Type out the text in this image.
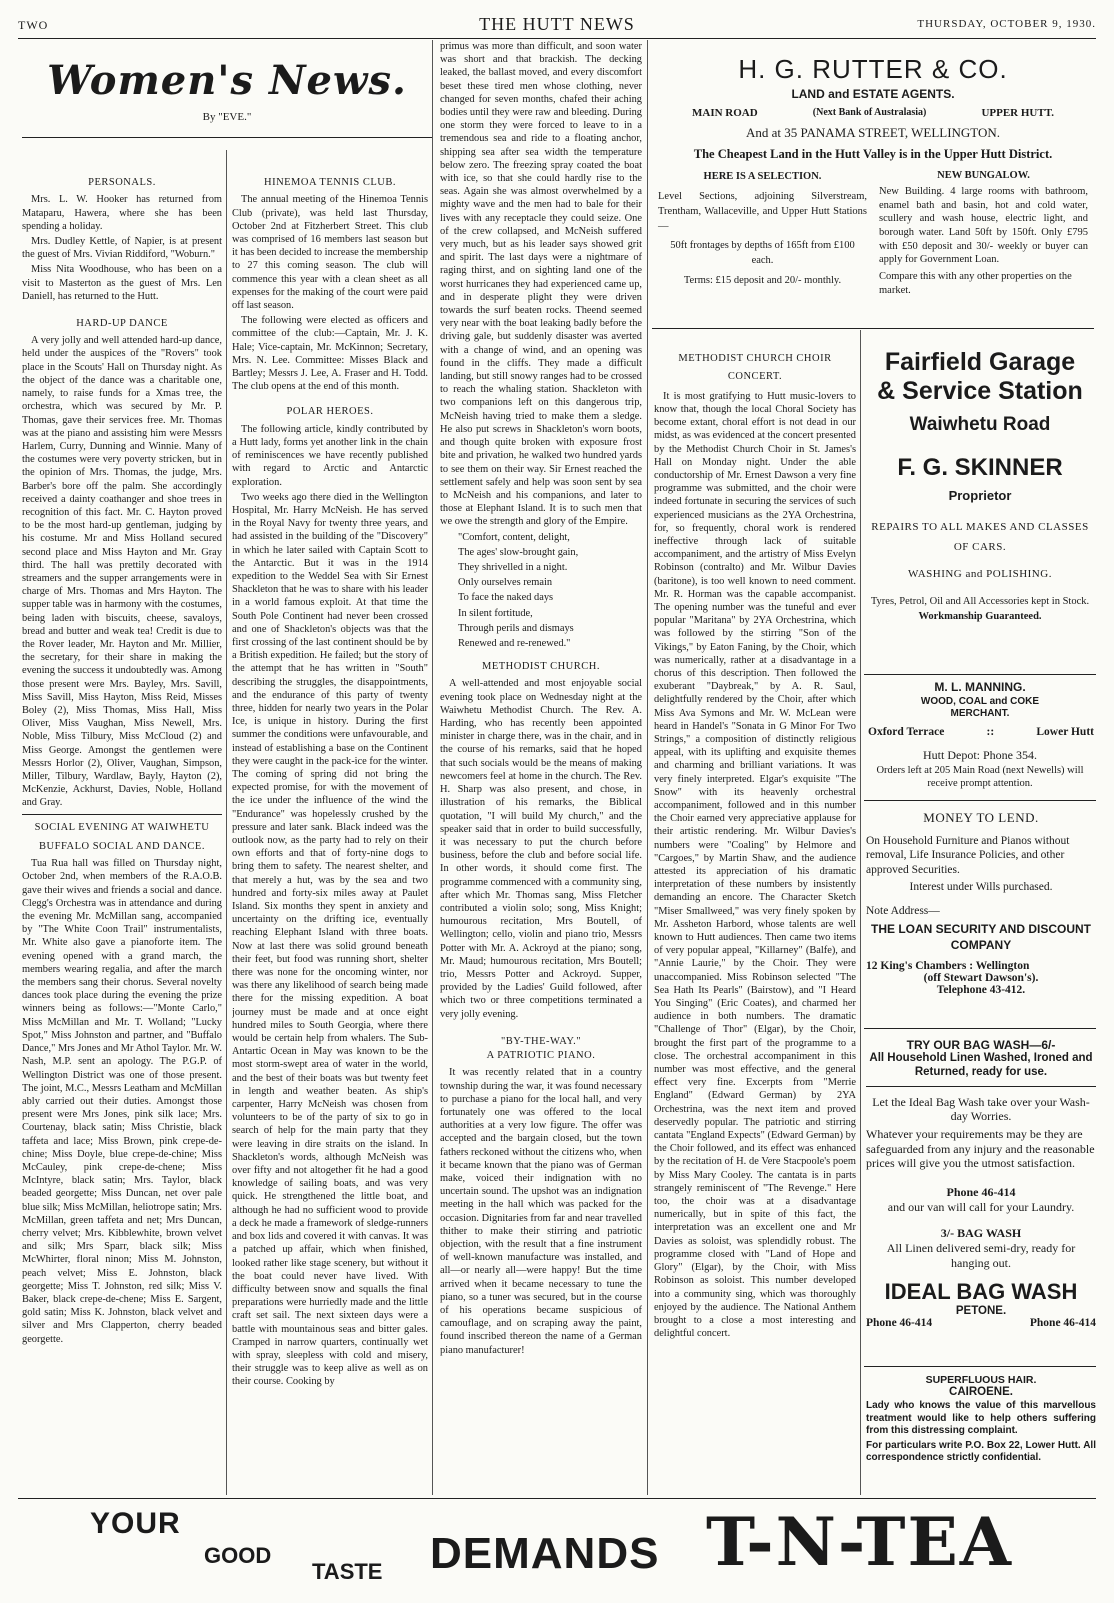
TWO	THE HUTT NEWS	THURSDAY, OCTOBER 9, 1930.
Women's News.
By "EVE."
PERSONALS.

Mrs. L. W. Hooker has returned from Mataparu, Hawera, where she has been spending a holiday.

Mrs. Dudley Kettle, of Napier, is at present the guest of Mrs. Vivian Riddiford, "Woburn."

Miss Nita Woodhouse, who has been on a visit to Masterton as the guest of Mrs. Len Daniell, has returned to the Hutt.

HARD-UP DANCE

A very jolly and well attended hard-up dance, held under the auspices of the "Rovers" took place in the Scouts' Hall on Thursday night. As the object of the dance was a charitable one, namely, to raise funds for a Xmas tree, the orchestra, which was secured by Mr. P. Thomas, gave their services free. Mr. Thomas was at the piano and assisting him were Messrs Harlem, Curry, Dunning and Winnie. Many of the costumes were very poverty stricken, but in the opinion of Mrs. Thomas, the judge, Mrs. Barber's bore off the palm. She accordingly received a dainty coathanger and shoe trees in recognition of this fact. Mr. C. Hayton proved to be the most hard-up gentleman, judging by his costume. Mr and Miss Holland secured second place and Miss Hayton and Mr. Gray third. The hall was prettily decorated with streamers and the supper arrangements were in charge of Mrs. Thomas and Mrs Hayton. The supper table was in harmony with the costumes, being laden with biscuits, cheese, savaloys, bread and butter and weak tea! Credit is due to the Rover leader, Mr. Hayton and Mr. Millier, the secretary, for their share in making the evening the success it undoubtedly was. Among those present were Mrs. Bayley, Mrs. Savill, Miss Savill, Miss Hayton, Miss Reid, Misses Boley (2), Miss Thomas, Miss Hall, Miss Oliver, Miss Vaughan, Miss Newell, Mrs. Noble, Miss Tilbury, Miss McCloud (2) and Miss George. Amongst the gentlemen were Messrs Horlor (2), Oliver, Vaughan, Simpson, Miller, Tilbury, Wardlaw, Bayly, Hayton (2), McKenzie, Ackhurst, Davies, Noble, Holland and Gray.

SOCIAL EVENING AT WAIWHETU
BUFFALO SOCIAL AND DANCE.

Tua Rua hall was filled on Thursday night, October 2nd, when members of the R.A.O.B. gave their wives and friends a social and dance. Clegg's Orchestra was in attendance and during the evening Mr. McMillan sang, accompanied by "The White Coon Trail" instrumentalists, Mr. White also gave a pianoforte item. The evening opened with a grand march, the members wearing regalia, and after the march the members sang their chorus. Several novelty dances took place during the evening the prize winners being as follows:—"Monte Carlo," Miss McMillan and Mr. T. Wolland; "Lucky Spot," Miss Johnston and partner, and "Buffalo Dance," Mrs Jones and Mr Athol Taylor. Mr. W. Nash, M.P. sent an apology. The P.G.P. of Wellington District was one of those present. The joint, M.C., Messrs Leatham and McMillan ably carried out their duties. Amongst those present were Mrs Jones, pink silk lace; Mrs. Courtenay, black satin; Miss Christie, black taffeta and lace; Miss Brown, pink crepe-de-chine; Miss Doyle, blue crepe-de-chine; Miss McCauley, pink crepe-de-chene; Miss McIntyre, black satin; Mrs. Taylor, black beaded georgette; Miss Duncan, net over pale blue silk; Miss McMillan, heliotrope satin; Mrs. McMillan, green taffeta and net; Mrs Duncan, cherry velvet; Mrs. Kibblewhite, brown velvet and silk; Mrs Sparr, black silk; Miss McWhirter, floral ninon; Miss M. Johnston, peach velvet; Miss E. Johnston, black georgette; Miss T. Johnston, red silk; Miss V. Baker, black crepe-de-chene; Miss E. Sargent, gold satin; Miss K. Johnston, black velvet and silver and Mrs Clapperton, cherry beaded georgette.

HINEMOA TENNIS CLUB.

The annual meeting of the Hinemoa Tennis Club (private), was held last Thursday, October 2nd at Fitzherbert Street. This club was comprised of 16 members last season but it has been decided to increase the membership to 27 this coming season. The club will commence this year with a clean sheet as all expenses for the making of the court were paid off last season.

The following were elected as officers and committee of the club:—Captain, Mr. J. K. Hale; Vice-captain, Mr. McKinnon; Secretary, Mrs. N. Lee. Committee: Misses Black and Bartley; Messrs J. Lee, A. Fraser and H. Todd. The club opens at the end of this month.

POLAR HEROES.

The following article, kindly contributed by a Hutt lady, forms yet another link in the chain of reminiscences we have recently published with regard to Arctic and Antarctic exploration.

Two weeks ago there died in the Wellington Hospital, Mr. Harry McNeish. He has served in the Royal Navy for twenty three years, and had assisted in the building of the "Discovery" in which he later sailed with Captain Scott to the Antarctic. But it was in the 1914 expedition to the Weddel Sea with Sir Ernest Shackleton that he was to share with his leader in a world famous exploit. At that time the South Pole Continent had never been crossed and one of Shackleton's objects was that the first crossing of the last continent should be by a British expedition. He failed; but the story of the attempt that he has written in "South" describing the struggles, the disappointments, and the endurance of this party of twenty three, hidden for nearly two years in the Polar Ice, is unique in history. During the first summer the conditions were unfavourable, and instead of establishing a base on the Continent they were caught in the pack-ice for the winter. The coming of spring did not bring the expected promise, for with the movement of the ice under the influence of the wind the "Endurance" was hopelessly crushed by the pressure and later sank. Black indeed was the outlook now, as the party had to rely on their own efforts and that of forty-nine dogs to bring them to safety. The nearest shelter, and that merely a hut, was by the sea and two hundred and forty-six miles away at Paulet Island. Six months they spent in anxiety and uncertainty on the drifting ice, eventually reaching Elephant Island with three boats. Now at last there was solid ground beneath their feet, but food was running short, shelter there was none for the oncoming winter, nor was there any likelihood of search being made there for the missing expedition. A boat journey must be made and at once eight hundred miles to South Georgia, where there would be certain help from whalers. The Sub-Antartic Ocean in May was known to be the most storm-swept area of water in the world, and the best of their boats was but twenty feet in length and weather beaten. As ship's carpenter, Harry McNeish was chosen from volunteers to be of the party of six to go in search of help for the main party that they were leaving in dire straits on the island. In Shackleton's words, although McNeish was over fifty and not altogether fit he had a good knowledge of sailing boats, and was very quick. He strengthened the little boat, and although he had no sufficient wood to provide a deck he made a framework of sledge-runners and box lids and covered it with canvas. It was a patched up affair, which when finished, looked rather like stage scenery, but without it the boat could never have lived. With difficulty between snow and squalls the final preparations were hurriedly made and the little craft set sail. The next sixteen days were a battle with mountainous seas and bitter gales. Cramped in narrow quarters, continually wet with spray, sleepless with cold and misery, their struggle was to keep alive as well as on their course. Cooking by

primus was more than difficult, and soon water was short and that brackish. The decking leaked, the ballast moved, and every discomfort beset these tired men whose clothing, never changed for seven months, chafed their aching bodies until they were raw and bleeding. During one storm they were forced to leave to in a tremendous sea and ride to a floating anchor, shipping sea after sea width the temperature below zero. The freezing spray coated the boat with ice, so that she could hardly rise to the seas. Again she was almost overwhelmed by a mighty wave and the men had to bale for their lives with any receptacle they could seize. One of the crew collapsed, and McNeish suffered very much, but as his leader says showed grit and spirit. The last days were a nightmare of raging thirst, and on sighting land one of the worst hurricanes they had experienced came up, and in desperate plight they were driven towards the surf beaten rocks. Theend seemed very near with the boat leaking badly before the driving gale, but suddenly disaster was averted with a change of wind, and an opening was found in the cliffs. They made a difficult landing, but still snowy ranges had to be crossed to reach the whaling station. Shackleton with two companions left on this dangerous trip, McNeish having tried to make them a sledge. He also put screws in Shackleton's worn boots, and though quite broken with exposure frost bite and privation, he walked two hundred yards to see them on their way. Sir Ernest reached the settlement safely and help was soon sent by sea to McNeish and his companions, and later to those at Elephant Island. It is to such men that we owe the strength and glory of the Empire.

"Comfort, content, delight,

The ages' slow-brought gain,

They shrivelled in a night.

Only ourselves remain

To face the naked days

In silent fortitude,

Through perils and dismays

Renewed and re-renewed."

METHODIST CHURCH.

A well-attended and most enjoyable social evening took place on Wednesday night at the Waiwhetu Methodist Church. The Rev. A. Harding, who has recently been appointed minister in charge there, was in the chair, and in the course of his remarks, said that he hoped that such socials would be the means of making newcomers feel at home in the church. The Rev. H. Sharp was also present, and chose, in illustration of his remarks, the Biblical quotation, "I will build My church," and the speaker said that in order to build successfully, it was necessary to put the church before business, before the club and before social life. In other words, it should come first. The programme commenced with a community sing, after which Mr. Thomas sang, Miss Fletcher contributed a violin solo; song, Miss Knight; humourous recitation, Mrs Boutell, of Wellington; cello, violin and piano trio, Messrs Potter with Mr. A. Ackroyd at the piano; song, Mr. Maud; humourous recitation, Mrs Boutell; trio, Messrs Potter and Ackroyd. Supper, provided by the Ladies' Guild followed, after which two or three competitions terminated a very jolly evening.

"BY-THE-WAY."
A PATRIOTIC PIANO.

It was recently related that in a country township during the war, it was found necessary to purchase a piano for the local hall, and very fortunately one was offered to the local authorities at a very low figure. The offer was accepted and the bargain closed, but the town fathers reckoned without the citizens who, when it became known that the piano was of German make, voiced their indignation with no uncertain sound. The upshot was an indignation meeting in the hall which was packed for the occasion. Dignitaries from far and near travelled thither to make their stirring and patriotic objection, with the result that a fine instrument of well-known manufacture was installed, and all—or nearly all—were happy! But the time arrived when it became necessary to tune the piano, so a tuner was secured, but in the course of his operations became suspicious of camouflage, and on scraping away the paint, found inscribed thereon the name of a German piano manufacturer!

H. G. RUTTER & CO.
LAND and ESTATE AGENTS.
MAIN ROAD	(Next Bank of Australasia)	UPPER HUTT.
And at 35 PANAMA STREET, WELLINGTON.
The Cheapest Land in the Hutt Valley is in the Upper Hutt District.
HERE IS A SELECTION.
Level Sections, adjoining Silverstream, Trentham, Wallaceville, and Upper Hutt Stations—
50ft frontages by depths of 165ft from £100 each.
Terms: £15 deposit and 20/- monthly.
NEW BUNGALOW.
New Building. 4 large rooms with bathroom, enamel bath and basin, hot and cold water, scullery and wash house, electric light, and borough water. Land 50ft by 150ft. Only £795 with £50 deposit and 30/- weekly or buyer can apply for Government Loan.
Compare this with any other properties on the market.
METHODIST CHURCH CHOIR CONCERT.

It is most gratifying to Hutt music-lovers to know that, though the local Choral Society has become extant, choral effort is not dead in our midst, as was evidenced at the concert presented by the Methodist Church Choir in St. James's Hall on Monday night. Under the able conductorship of Mr. Ernest Dawson a very fine programme was submitted, and the choir were indeed fortunate in securing the services of such experienced musicians as the 2YA Orchestrina, for, so frequently, choral work is rendered ineffective through lack of suitable accompaniment, and the artistry of Miss Evelyn Robinson (contralto) and Mr. Wilbur Davies (baritone), is too well known to need comment. Mr. R. Horman was the capable accompanist. The opening number was the tuneful and ever popular "Maritana" by 2YA Orchestrina, which was followed by the stirring "Son of the Vikings," by Eaton Faning, by the Choir, which was numerically, rather at a disadvantage in a chorus of this description. Then followed the exuberant "Daybreak," by A. R. Saul, delightfully rendered by the Choir, after which Miss Ava Symons and Mr. W. McLean were heard in Handel's "Sonata in G Minor For Two Strings," a composition of distinctly religious appeal, with its uplifting and exquisite themes and charming and brilliant variations. It was very finely interpreted. Elgar's exquisite "The Snow" with its heavenly orchestral accompaniment, followed and in this number the Choir earned very appreciative applause for their artistic rendering. Mr. Wilbur Davies's numbers were "Coaling" by Helmore and "Cargoes," by Martin Shaw, and the audience attested its appreciation of his dramatic interpretation of these numbers by insistently demanding an encore. The Character Sketch "Miser Smallweed," was very finely spoken by Mr. Assheton Harbord, whose talents are well known to Hutt audiences. Then came two items of very popular appeal, "Killarney" (Balfe), and "Annie Laurie," by the Choir. They were unaccompanied. Miss Robinson selected "The Sea Hath Its Pearls" (Bairstow), and "I Heard You Singing" (Eric Coates), and charmed her audience in both numbers. The dramatic "Challenge of Thor" (Elgar), by the Choir, brought the first part of the programme to a close. The orchestral accompaniment in this number was most effective, and the general effect very fine. Excerpts from "Merrie England" (Edward German) by 2YA Orchestrina, was the next item and proved deservedly popular. The patriotic and stirring cantata "England Expects" (Edward German) by the Choir followed, and its effect was enhanced by the recitation of H. de Vere Stacpoole's poem by Miss Mary Cooley. The cantata is in parts strangely reminiscent of "The Revenge." Here too, the choir was at a disadvantage numerically, but in spite of this fact, the interpretation was an excellent one and Mr Davies as soloist, was splendidly robust. The programme closed with "Land of Hope and Glory" (Elgar), by the Choir, with Miss Robinson as soloist. This number developed into a community sing, which was thoroughly enjoyed by the audience. The National Anthem brought to a close a most interesting and delightful concert.

Fairfield Garage
& Service Station
Waiwhetu Road
F. G. SKINNER
Proprietor
REPAIRS TO ALL MAKES AND CLASSES OF CARS.
WASHING and POLISHING.
Tyres, Petrol, Oil and All Accessories kept in Stock.
Workmanship Guaranteed.
M. L. MANNING.
WOOD, COAL and COKE MERCHANT.
Oxford Terrace	::	Lower Hutt
Hutt Depot: Phone 354.
Orders left at 205 Main Road (next Newells) will receive prompt attention.
MONEY TO LEND.
On Household Furniture and Pianos without removal, Life Insurance Policies, and other approved Securities.
Interest under Wills purchased.
Note Address—
THE LOAN SECURITY AND DISCOUNT COMPANY
12 King's Chambers : Wellington
(off Stewart Dawson's).
Telephone 43-412.
TRY OUR BAG WASH—6/-
All Household Linen Washed, Ironed and Returned, ready for use.
Let the Ideal Bag Wash take over your Wash-day Worries.
Whatever your requirements may be they are safeguarded from any injury and the reasonable prices will give you the utmost satisfaction.
Phone 46-414
and our van will call for your Laundry.
3/- BAG WASH
All Linen delivered semi-dry, ready for hanging out.
IDEAL BAG WASH
PETONE.
Phone 46-414	Phone 46-414
SUPERFLUOUS HAIR.
CAIROENE.
Lady who knows the value of this marvellous treatment would like to help others suffering from this distressing complaint.
For particulars write P.O. Box 22, Lower Hutt. All correspondence strictly confidential.
YOUR
GOOD
TASTE DEMANDS T-N-TEA
